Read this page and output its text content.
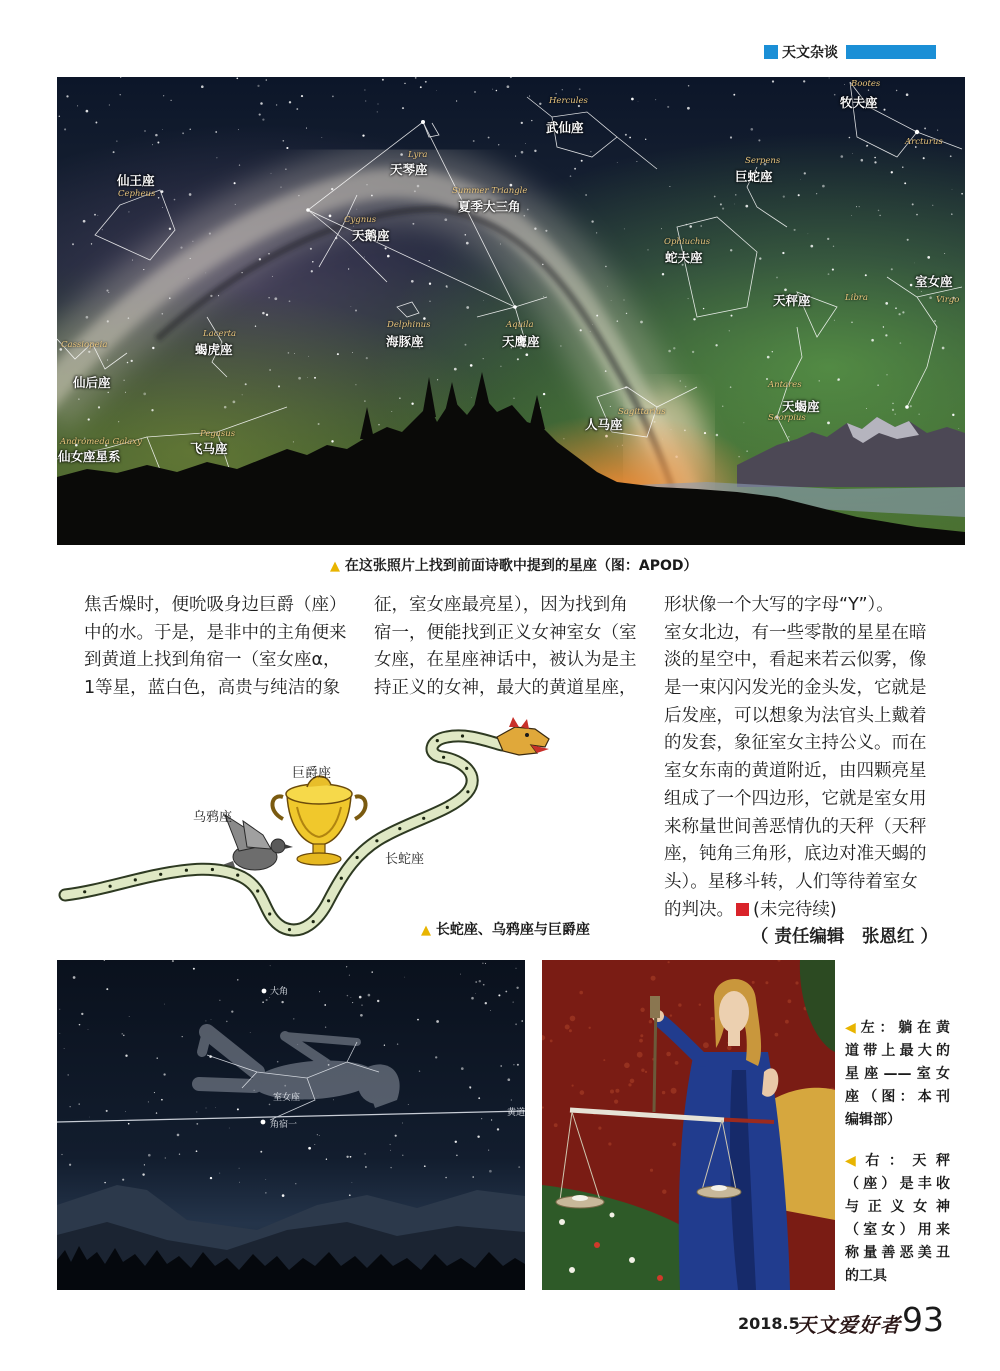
天文杂谈
Hercules
武仙座
Bootes
牧夫座
Arcturus
Lyra
天琴座
Serpens
巨蛇座
仙王座
Cepheus	Summer Triangle
夏季大三角
Cygnus
天鹅座	Ophiuchus
蛇夫座
室女座
Virgo
天秤座	Libra
Delphinus
海豚座
Aquila
天鹰座
Lacerta
蝎虎座
Cassiopeia
仙后座	Antares
天蝎座
Scorpius
Sagittarius
人马座
Pegasus
飞马座
Andromeda Galaxy
仙女座星系
▲ 在这张照片上找到前面诗歌中提到的星座（图：APOD）
焦舌燥时，便吮吸身边巨爵（座）
中的水。于是，是非中的主角便来
到黄道上找到角宿一（室女座α，
1等星，蓝白色，高贵与纯洁的象
征，室女座最亮星），因为找到角
宿一，便能找到正义女神室女（室
女座，在星座神话中，被认为是主
持正义的女神，最大的黄道星座，
形状像一个大写的字母“Y”）。
室女北边，有一些零散的星星在暗
淡的星空中，看起来若云似雾，像
是一束闪闪发光的金头发，它就是
后发座，可以想象为法官头上戴着
的发套，象征室女主持公义。而在
室女东南的黄道附近，由四颗亮星
组成了一个四边形，它就是室女用
来称量世间善恶情仇的天秤（天秤
座，钝角三角形，底边对准天蝎的
头）。星移斗转，人们等待着室女
的判决。 (未完待续)
（ 责任编辑　张恩红 ）
巨爵座
乌鸦座
长蛇座
▲ 长蛇座、乌鸦座与巨爵座
大角
室女座
黄道
角宿一
◀左：躺在黄
道带上最大的
星座——室女
座（图：本刊
编辑部）
◀右：天秤
（座）是丰收
与正义女神
（室女）用来
称量善恶美丑
的工具
2018.5
天文爱好者 93
